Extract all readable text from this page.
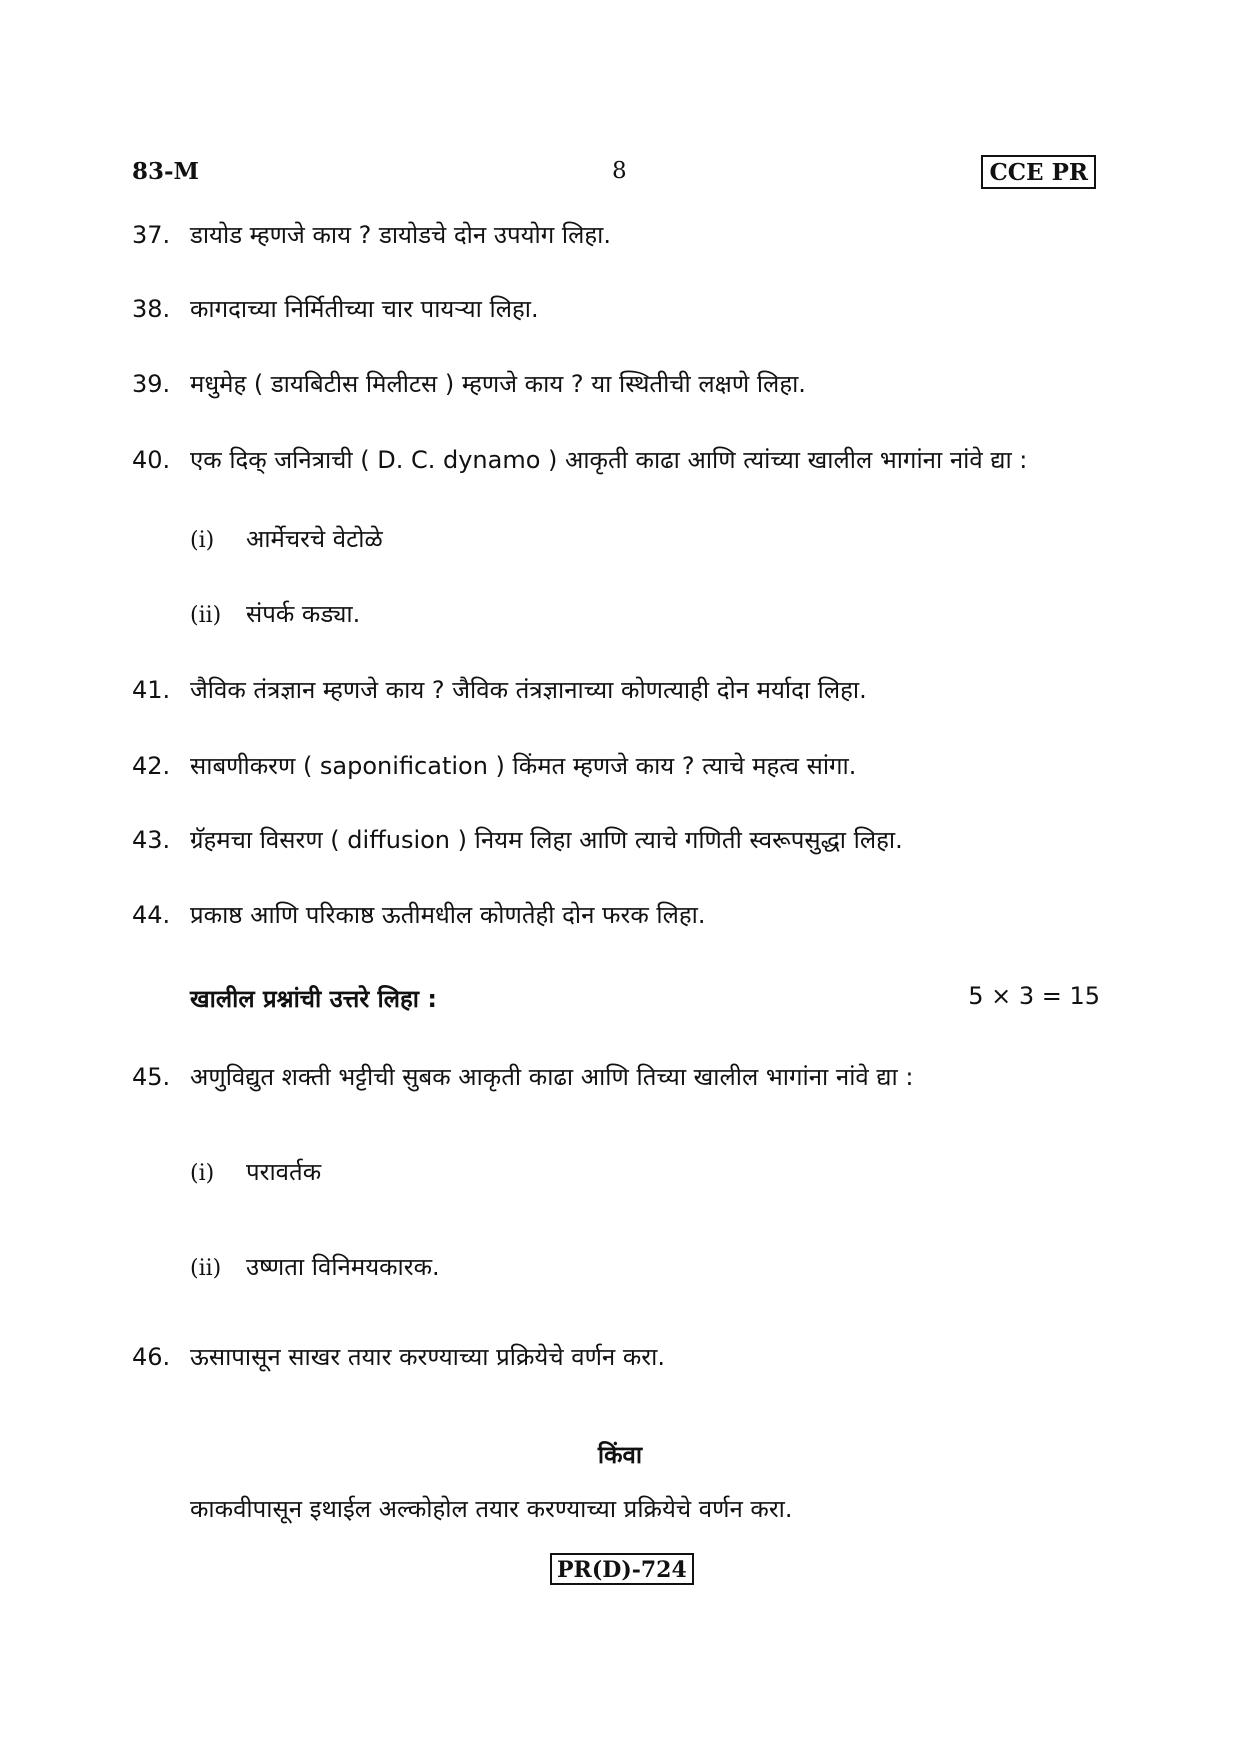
83-M	8	CCE PR
37. डायोड म्हणजे काय ? डायोडचे दोन उपयोग लिहा.
38. कागदाच्या निर्मितीच्या चार पायऱ्या लिहा.
39. मधुमेह ( डायबिटीस मिलीटस ) म्हणजे काय ? या स्थितीची लक्षणे लिहा.
40. एक दिक् जनित्राची ( D. C. dynamo ) आकृती काढा आणि त्यांच्या खालील भागांना नांवे द्या :
(i) आर्मेचरचे वेटोळे
(ii) संपर्क कड्या.
41. जैविक तंत्रज्ञान म्हणजे काय ? जैविक तंत्रज्ञानाच्या कोणत्याही दोन मर्यादा लिहा.
42. साबणीकरण ( saponification ) किंमत म्हणजे काय ? त्याचे महत्व सांगा.
43. ग्रॅहमचा विसरण ( diffusion ) नियम लिहा आणि त्याचे गणिती स्वरूपसुद्धा लिहा.
44. प्रकाष्ठ आणि परिकाष्ठ ऊतीमधील कोणतेही दोन फरक लिहा.
खालील प्रश्नांची उत्तरे लिहा :	5 × 3 = 15
45. अणुविद्युत शक्ती भट्टीची सुबक आकृती काढा आणि तिच्या खालील भागांना नांवे द्या :
(i) परावर्तक
(ii) उष्णता विनिमयकारक.
46. ऊसापासून साखर तयार करण्याच्या प्रक्रियेचे वर्णन करा.
किंवा
काकवीपासून इथाईल अल्कोहोल तयार करण्याच्या प्रक्रियेचे वर्णन करा.
PR(D)-724
